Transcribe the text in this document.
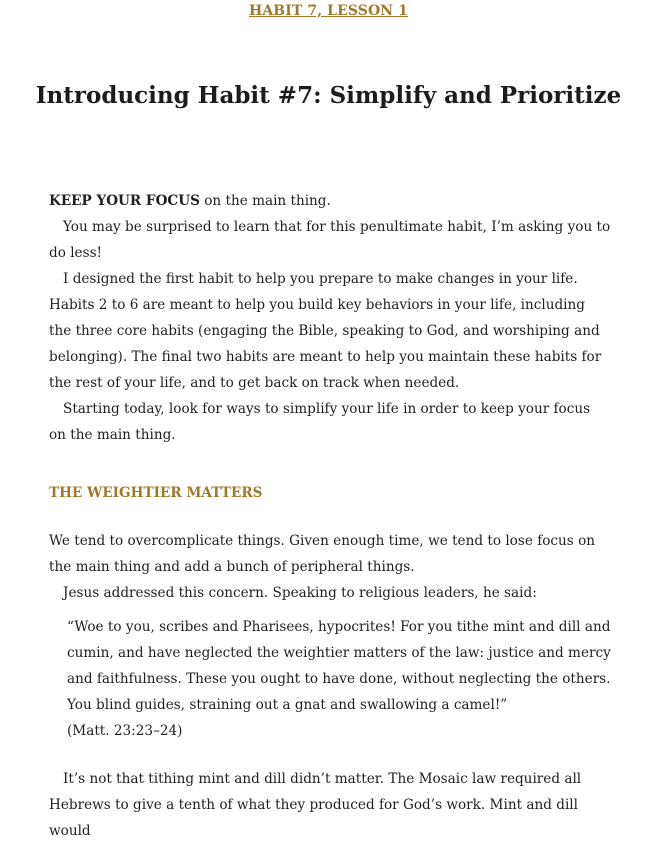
HABIT 7, LESSON 1
Introducing Habit #7: Simplify and Prioritize

KEEP YOUR FOCUS on the main thing.

You may be surprised to learn that for this penultimate habit, I’m asking you to do less!

I designed the first habit to help you prepare to make changes in your life. Habits 2 to 6 are meant to help you build key behaviors in your life, including the three core habits (engaging the Bible, speaking to God, and worshiping and belonging). The final two habits are meant to help you maintain these habits for the rest of your life, and to get back on track when needed.

Starting today, look for ways to simplify your life in order to keep your focus on the main thing.

THE WEIGHTIER MATTERS

We tend to overcomplicate things. Given enough time, we tend to lose focus on the main thing and add a bunch of peripheral things.

Jesus addressed this concern. Speaking to religious leaders, he said:

“Woe to you, scribes and Pharisees, hypocrites! For you tithe mint and dill and cumin, and have neglected the weightier matters of the law: justice and mercy and faithfulness. These you ought to have done, without neglecting the others. You blind guides, straining out a gnat and swallowing a camel!”

(Matt. 23:23–24)

It’s not that tithing mint and dill didn’t matter. The Mosaic law required all Hebrews to give a tenth of what they produced for God’s work. Mint and dill would
